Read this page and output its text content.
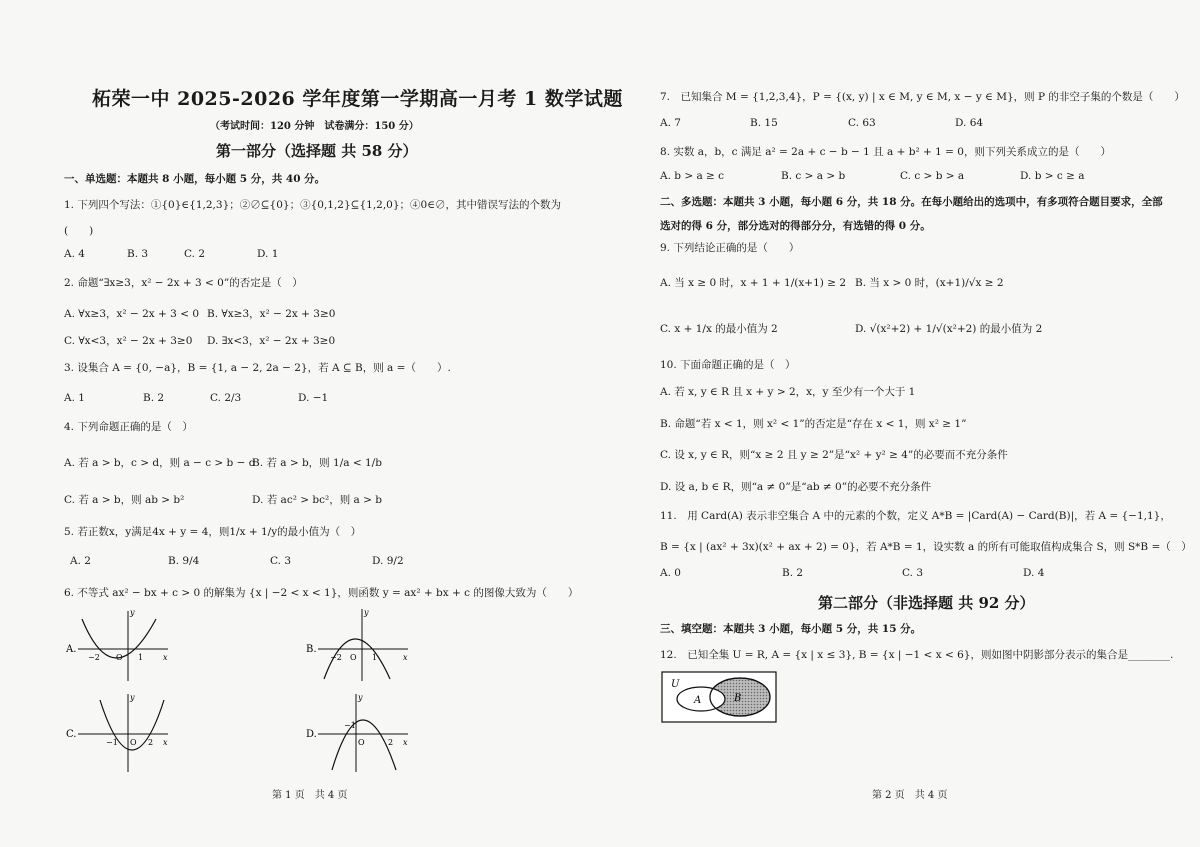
柘荣一中 2025-2026 学年度第一学期高一月考 1 数学试题
（考试时间：120 分钟　试卷满分：150 分）
第一部分（选择题 共 58 分）
一、单选题：本题共 8 小题，每小题 5 分，共 40 分。
1. 下列四个写法：①{0}∈{1,2,3}；②∅⊆{0}；③{0,1,2}⊆{1,2,0}；④0∈∅，其中错误写法的个数为
(　　)
A. 4	B. 3	C. 2	D. 1
2. 命题“∃x≥3，x² − 2x + 3 < 0”的否定是（　）
A. ∀x≥3，x² − 2x + 3 < 0 B. ∀x≥3，x² − 2x + 3≥0
C. ∀x<3，x² − 2x + 3≥0 D. ∃x<3，x² − 2x + 3≥0
3. 设集合 A = {0, −a}，B = {1, a − 2, 2a − 2}，若 A ⊆ B，则 a =（　　）.
A. 1	B. 2	C. 2/3	D. −1
4. 下列命题正确的是（　）
A. 若 a > b，c > d，则 a − c > b − d
B. 若 a > b，则 1/a < 1/b
C. 若 a > b，则 ab > b²	D. 若 ac² > bc²，则 a > b
5. 若正数x，y满足4x + y = 4，则1/x + 1/y的最小值为（　）
A. 2	B. 9/4	C. 3	D. 9/2
6. 不等式 ax² − bx + c > 0 的解集为 {x | −2 < x < 1}，则函数 y = ax² + bx + c 的图像大致为（　　）
A.
y
x
O
−2	1
B.
y
x
O
−2	1
C.
y
x
O
−1	2
D.
y
x
O
−1
2
第 1 页　共 4 页
7.　已知集合 M = {1,2,3,4}，P = {(x, y) | x ∈ M, y ∈ M, x − y ∈ M}，则 P 的非空子集的个数是（　　）
A. 7	B. 15	C. 63	D. 64
8. 实数 a，b，c 满足 a² = 2a + c − b − 1 且 a + b² + 1 = 0，则下列关系成立的是（　　）
A. b > a ≥ c	B. c > a > b	C. c > b > a	D. b > c ≥ a
二、多选题：本题共 3 小题，每小题 6 分，共 18 分。在每小题给出的选项中，有多项符合题目要求，全部
选对的得 6 分，部分选对的得部分分，有选错的得 0 分。
9. 下列结论正确的是（　　）
A. 当 x ≥ 0 时，x + 1 + 1/(x+1) ≥ 2 B. 当 x > 0 时，(x+1)/√x ≥ 2
C. x + 1/x 的最小值为 2	D. √(x²+2) + 1/√(x²+2) 的最小值为 2
10. 下面命题正确的是（　）
A. 若 x, y ∈ R 且 x + y > 2，x，y 至少有一个大于 1
B. 命题“若 x < 1，则 x² < 1”的否定是“存在 x < 1，则 x² ≥ 1”
C. 设 x, y ∈ R，则“x ≥ 2 且 y ≥ 2”是“x² + y² ≥ 4”的必要而不充分条件
D. 设 a, b ∈ R，则“a ≠ 0”是“ab ≠ 0”的必要不充分条件
11.　用 Card(A) 表示非空集合 A 中的元素的个数，定义 A*B = |Card(A) − Card(B)|，若 A = {−1,1}，
B = {x | (ax² + 3x)(x² + ax + 2) = 0}，若 A*B = 1，设实数 a 的所有可能取值构成集合 S，则 S*B =（　）
A. 0	B. 2	C. 3	D. 4
第二部分（非选择题 共 92 分）
三、填空题：本题共 3 小题，每小题 5 分，共 15 分。
12.　已知全集 U = R, A = {x | x ≤ 3}, B = {x | −1 < x < 6}，则如图中阴影部分表示的集合是________.
U
A	B
第 2 页　共 4 页
